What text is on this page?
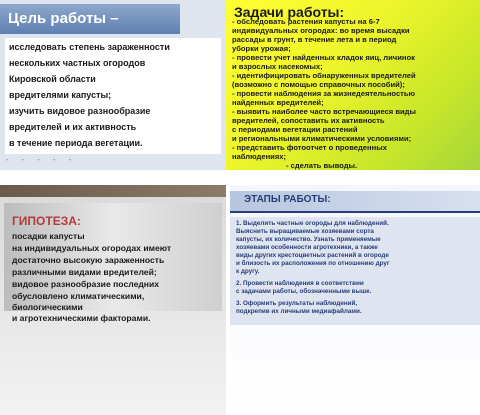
Цель работы –
исследовать степень зараженности
нескольких частных огородов
Кировской области
вредителями капусты;
изучить видовое разнообразие
вредителей и их активность
в течение периода вегетации.
• • • • •
Задачи работы:
- обследовать растения капусты на 6-7
индивидуальных огородах: во время высадки
рассады в грунт, в течение лета и в период
уборки урожая;
- провести учет найденных кладок яиц, личинок
и взрослых насекомых;
- идентифицировать обнаруженных вредителей
(возможно с помощью справочных пособий);
- провести наблюдения за жизнедеятельностью
найденных вредителей;
- выявить наиболее часто встречающиеся виды
вредителей, сопоставить их активность
с периодами вегетации растений
и региональными климатическими условиями;
- представить фотоотчет о проведенных
наблюдениях;
- сделать выводы.
ГИПОТЕЗА:
посадки капусты
на индивидуальных огородах имеют
достаточно высокую зараженность
различными видами вредителей;
видовое разнообразие последних
обусловлено климатическими,
биологическими
и агротехническими факторами.
ЭТАПЫ РАБОТЫ:
1. Выделить частные огороды для наблюдений.
Выяснить выращиваемые хозяевами сорта
капусты, их количество. Узнать применяемые
хозяевами особенности агротехники, а также
виды других крестоцветных растений в огороде
и близость их расположения по отношению друг
к другу.
2. Провести наблюдения в соответствии
с задачами работы, обозначенными выше.
3. Оформить результаты наблюдений,
подкрепив их личными медиафайлами.
